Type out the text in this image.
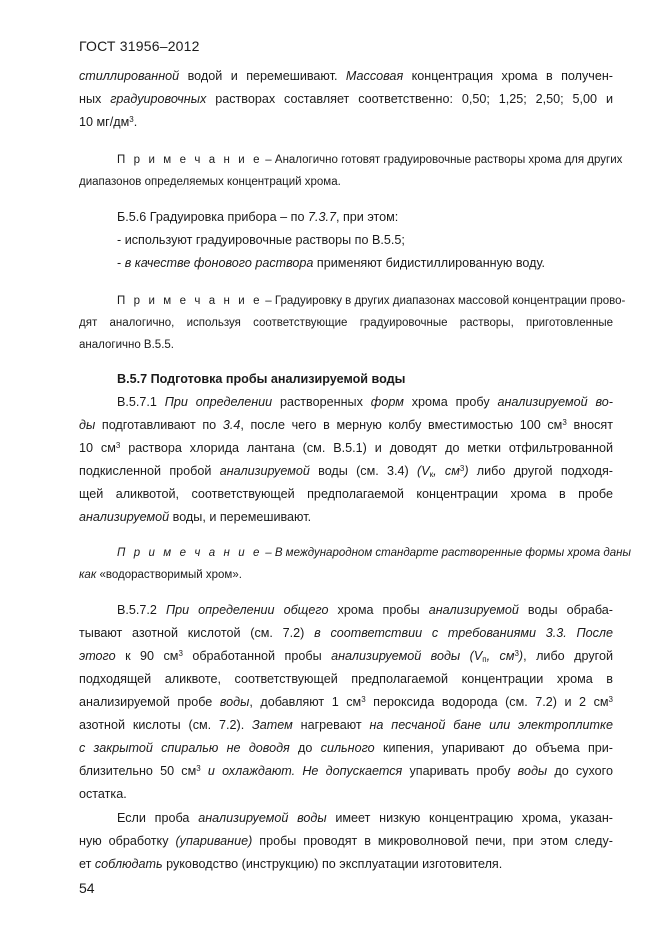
ГОСТ 31956–2012
стиллированной водой и перемешивают. Массовая концентрация хрома в получен-
ных градуировочных растворах составляет соответственно: 0,50; 1,25; 2,50; 5,00 и
10 $мг/дм^3$.
П р и м е ч а н и е – Аналогично готовят градуировочные растворы хрома для других
диапазонов определяемых концентраций хрома.
Б.5.6 Градуировка прибора – по 7.3.7, при этом:
- используют градуировочные растворы по В.5.5;
- в качестве фонового раствора применяют бидистиллированную воду.
П р и м е ч а н и е – Градуировку в других диапазонах массовой концентрации прово-
дят аналогично, используя соответствующие градуировочные растворы, приготовленные
аналогично В.5.5.
В.5.7 Подготовка пробы анализируемой воды
В.5.7.1 При определении растворенных форм хрома пробу анализируемой во-
ды подготавливают по 3.4, после чего в мерную колбу вместимостью 100 $см^3$ вносят
10 $см^3$ раствора хлорида лантана (см. В.5.1) и доводят до метки отфильтрованной
подкисленной пробой анализируемой воды (см. 3.4) ($V_к$, $см^3$) либо другой подходя-
щей аликвотой, соответствующей предполагаемой концентрации хрома в пробе
анализируемой воды, и перемешивают.
П р и м е ч а н и е – В международном стандарте растворенные формы хрома даны
как «водорастворимый хром».
В.5.7.2 При определении общего хрома пробы анализируемой воды обраба-
тывают азотной кислотой (см. 7.2) в соответствии с требованиями 3.3. После
этого к 90 $см^3$ обработанной пробы анализируемой воды ($V_п$, $см^3$), либо другой
подходящей аликвоте, соответствующей предполагаемой концентрации хрома в
анализируемой пробе воды, добавляют 1 $см^3$ пероксида водорода (см. 7.2) и 2 $см^3$
азотной кислоты (см. 7.2). Затем нагревают на песчаной бане или электроплитке
с закрытой спиралью не доводя до сильного кипения, упаривают до объема при-
близительно 50 $см^3$ и охлаждают. Не допускается упаривать пробу воды до сухого
остатка.
Если проба анализируемой воды имеет низкую концентрацию хрома, указан-
ную обработку (упаривание) пробы проводят в микроволновой печи, при этом следу-
ет соблюдать руководство (инструкцию) по эксплуатации изготовителя.
54
